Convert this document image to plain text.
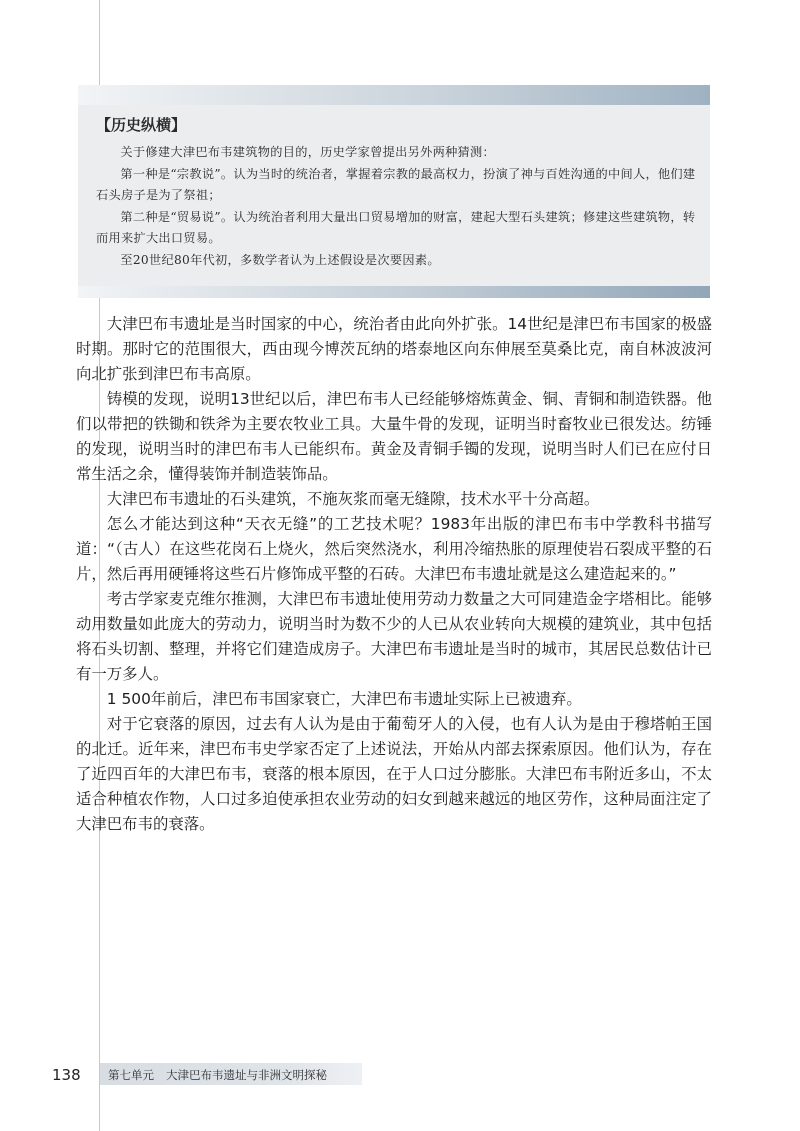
【历史纵横】

关于修建大津巴布韦建筑物的目的，历史学家曾提出另外两种猜测：

第一种是“宗教说”。认为当时的统治者，掌握着宗教的最高权力，扮演了神与百姓沟通的中间人，他们建石头房子是为了祭祖；

第二种是“贸易说”。认为统治者利用大量出口贸易增加的财富，建起大型石头建筑；修建这些建筑物，转而用来扩大出口贸易。

至20世纪80年代初，多数学者认为上述假设是次要因素。

大津巴布韦遗址是当时国家的中心，统治者由此向外扩张。14世纪是津巴布韦国家的极盛时期。那时它的范围很大，西由现今博茨瓦纳的塔泰地区向东伸展至莫桑比克，南自林波波河向北扩张到津巴布韦高原。

铸模的发现，说明13世纪以后，津巴布韦人已经能够熔炼黄金、铜、青铜和制造铁器。他们以带把的铁锄和铁斧为主要农牧业工具。大量牛骨的发现，证明当时畜牧业已很发达。纺锤的发现，说明当时的津巴布韦人已能织布。黄金及青铜手镯的发现，说明当时人们已在应付日常生活之余，懂得装饰并制造装饰品。

大津巴布韦遗址的石头建筑，不施灰浆而毫无缝隙，技术水平十分高超。

怎么才能达到这种“天衣无缝”的工艺技术呢？1983年出版的津巴布韦中学教科书描写道：“（古人）在这些花岗石上烧火，然后突然浇水，利用冷缩热胀的原理使岩石裂成平整的石片，然后再用硬锤将这些石片修饰成平整的石砖。大津巴布韦遗址就是这么建造起来的。”

考古学家麦克维尔推测，大津巴布韦遗址使用劳动力数量之大可同建造金字塔相比。能够动用数量如此庞大的劳动力，说明当时为数不少的人已从农业转向大规模的建筑业，其中包括将石头切割、整理，并将它们建造成房子。大津巴布韦遗址是当时的城市，其居民总数估计已有一万多人。

1 500年前后，津巴布韦国家衰亡，大津巴布韦遗址实际上已被遗弃。

对于它衰落的原因，过去有人认为是由于葡萄牙人的入侵，也有人认为是由于穆塔帕王国的北迁。近年来，津巴布韦史学家否定了上述说法，开始从内部去探索原因。他们认为，存在了近四百年的大津巴布韦，衰落的根本原因，在于人口过分膨胀。大津巴布韦附近多山，不太适合种植农作物，人口过多迫使承担农业劳动的妇女到越来越远的地区劳作，这种局面注定了大津巴布韦的衰落。

138 第七单元 大津巴布韦遗址与非洲文明探秘
